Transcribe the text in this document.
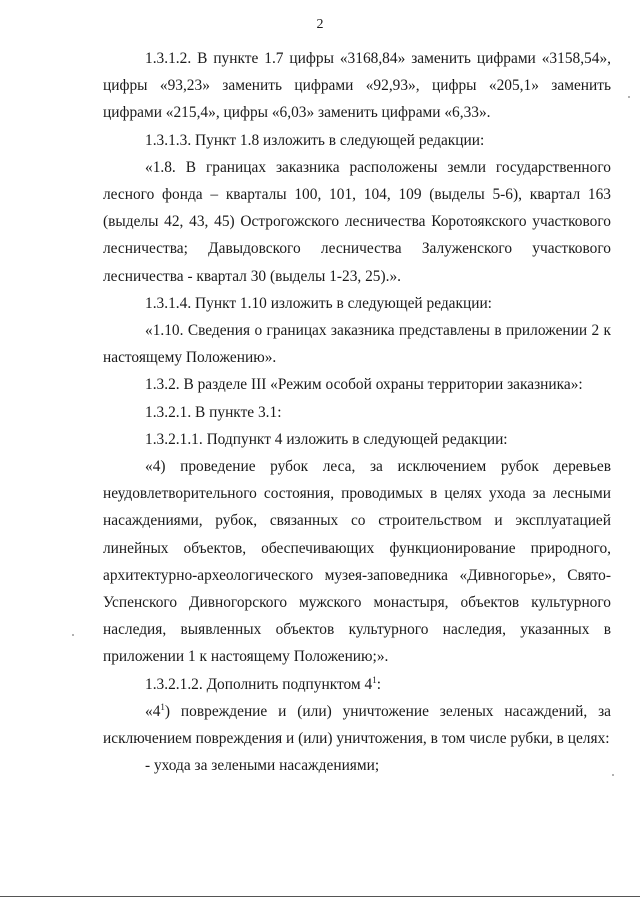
2

1.3.1.2. В пункте 1.7 цифры «3168,84» заменить цифрами «3158,54», цифры «93,23» заменить цифрами «92,93», цифры «205,1» заменить цифрами «215,4», цифры «6,03» заменить цифрами «6,33».

1.3.1.3. Пункт 1.8 изложить в следующей редакции:

«1.8. В границах заказника расположены земли государственного лесного фонда – кварталы 100, 101, 104, 109 (выделы 5-6), квартал 163 (выделы 42, 43, 45) Острогожского лесничества Коротоякского участкового лесничества; Давыдовского лесничества Залуженского участкового лесничества - квартал 30 (выделы 1-23, 25).».

1.3.1.4. Пункт 1.10 изложить в следующей редакции:

«1.10. Сведения о границах заказника представлены в приложении 2 к настоящему Положению».

1.3.2. В разделе III «Режим особой охраны территории заказника»:

1.3.2.1. В пункте 3.1:

1.3.2.1.1. Подпункт 4 изложить в следующей редакции:

«4) проведение рубок леса, за исключением рубок деревьев неудовлетворительного состояния, проводимых в целях ухода за лесными насаждениями, рубок, связанных со строительством и эксплуатацией линейных объектов, обеспечивающих функционирование природного, архитектурно-археологического музея-заповедника «Дивногорье», Свято-Успенского Дивногорского мужского монастыря, объектов культурного наследия, выявленных объектов культурного наследия, указанных в приложении 1 к настоящему Положению;».

1.3.2.1.2. Дополнить подпунктом $4^1$:

«$4^1$) повреждение и (или) уничтожение зеленых насаждений, за исключением повреждения и (или) уничтожения, в том числе рубки, в целях:

- ухода за зелеными насаждениями;
